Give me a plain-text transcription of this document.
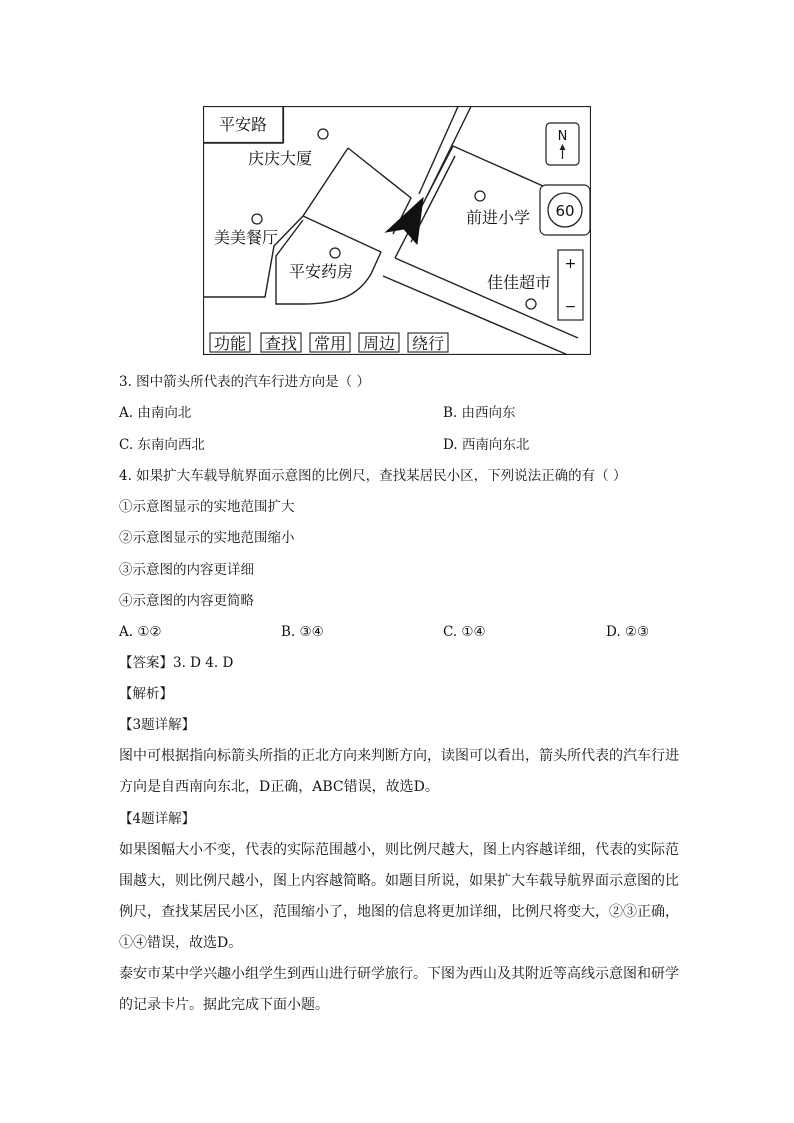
平安路
庆庆大厦
美美餐厅
平安药房
前进小学
佳佳超市
N
60
+
−
功能 查找 常用 周边 绕行
3. 图中箭头所代表的汽车行进方向是（ ）
A. 由南向北	B. 由西向东
C. 东南向西北	D. 西南向东北
4. 如果扩大车载导航界面示意图的比例尺，查找某居民小区，下列说法正确的有（ ）
①示意图显示的实地范围扩大
②示意图显示的实地范围缩小
③示意图的内容更详细
④示意图的内容更简略
A. ①②	B. ③④	C. ①④	D. ②③
【答案】3. D 4. D
【解析】
【3题详解】
图中可根据指向标箭头所指的正北方向来判断方向，读图可以看出，箭头所代表的汽车行进
方向是自西南向东北，D正确，ABC错误，故选D。
【4题详解】
如果图幅大小不变，代表的实际范围越小，则比例尺越大，图上内容越详细，代表的实际范
围越大，则比例尺越小，图上内容越简略。如题目所说，如果扩大车载导航界面示意图的比
例尺，查找某居民小区，范围缩小了，地图的信息将更加详细，比例尺将变大，②③正确，
①④错误，故选D。
泰安市某中学兴趣小组学生到西山进行研学旅行。下图为西山及其附近等高线示意图和研学
的记录卡片。据此完成下面小题。
